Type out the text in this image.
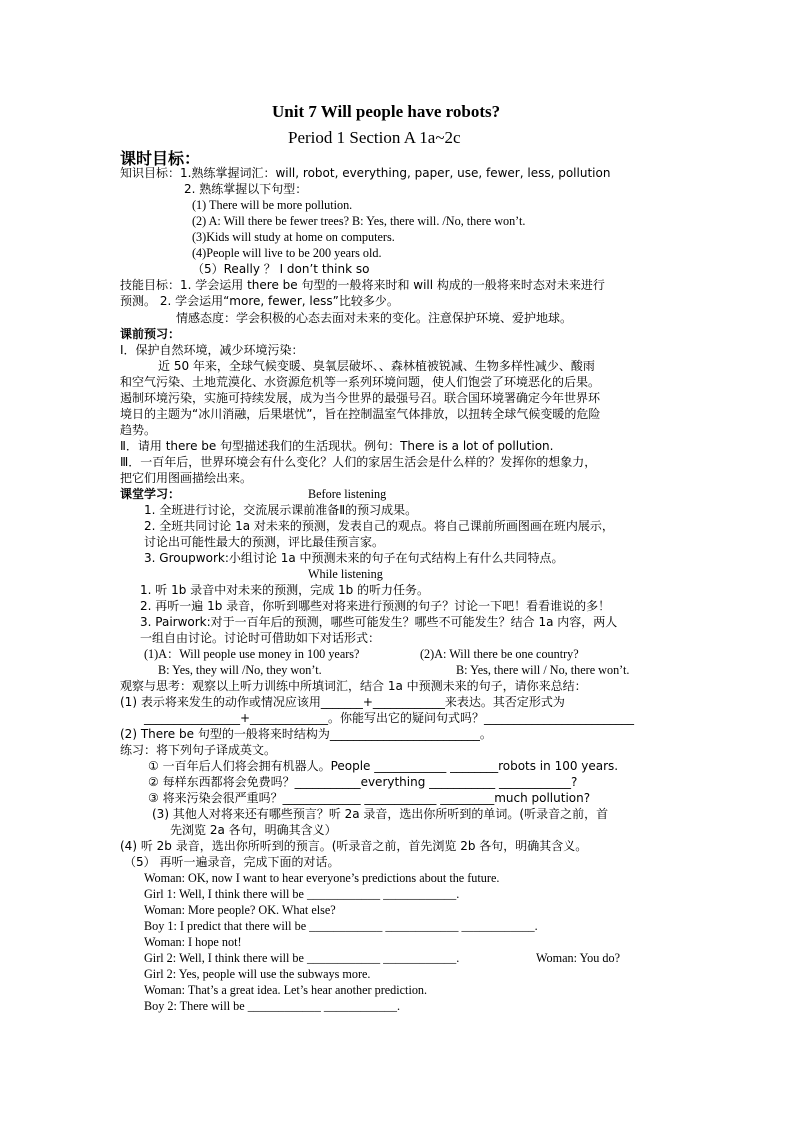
Unit 7 Will people have robots?
Period 1 Section A 1a~2c
课时目标：
知识目标：1.熟练掌握词汇：will, robot, everything, paper, use, fewer, less, pollution
2. 熟练掌握以下句型：
(1) There will be more pollution.
(2) A: Will there be fewer trees? B: Yes, there will. /No, there won’t.
(3)Kids will study at home on computers.
(4)People will live to be 200 years old.
（5）Really ？ I don’t think so
技能目标：1. 学会运用 there be 句型的一般将来时和 will 构成的一般将来时态对未来进行
预测。 2. 学会运用“more, fewer, less”比较多少。
情感态度：学会积极的心态去面对未来的变化。注意保护环境、爱护地球。
课前预习：
Ⅰ．保护自然环境，减少环境污染：
近 50 年来，全球气候变暖、臭氧层破坏、、森林植被锐减、生物多样性减少、酸雨
和空气污染、土地荒漠化、水资源危机等一系列环境问题，使人们饱尝了环境恶化的后果。
遏制环境污染，实施可持续发展，成为当今世界的最强号召。联合国环境署确定今年世界环
境日的主题为“冰川消融，后果堪忧”，旨在控制温室气体排放，以扭转全球气候变暖的危险
趋势。
Ⅱ．请用 there be 句型描述我们的生活现状。例句：There is a lot of pollution.
Ⅲ．一百年后，世界环境会有什么变化？人们的家居生活会是什么样的？发挥你的想象力，
把它们用图画描绘出来。
课堂学习：	Before listening
1. 全班进行讨论，交流展示课前准备Ⅱ的预习成果。
2. 全班共同讨论 1a 对未来的预测，发表自己的观点。将自己课前所画图画在班内展示，
讨论出可能性最大的预测，评比最佳预言家。
3. Groupwork:小组讨论 1a 中预测未来的句子在句式结构上有什么共同特点。
While listening
1. 听 1b 录音中对未来的预测，完成 1b 的听力任务。
2. 再听一遍 1b 录音，你听到哪些对将来进行预测的句子？讨论一下吧！看看谁说的多！
3. Pairwork:对于一百年后的预测，哪些可能发生？哪些不可能发生？结合 1a 内容，两人
一组自由讨论。讨论时可借助如下对话形式：
(1)A：Will people use money in 100 years?	(2)A: Will there be one country?
B: Yes, they will /No, they won’t.	B: Yes, there will / No, there won’t.
观察与思考：观察以上听力训练中所填词汇，结合 1a 中预测未来的句子，请你来总结：
(1) 表示将来发生的动作或情况应该用_______+____________来表达。其否定形式为
________________+_____________。你能写出它的疑问句式吗？_________________________
(2) There be 句型的一般将来时结构为_________________________。
练习：将下列句子译成英文。
① 一百年后人们将会拥有机器人。People ____________ ________robots in 100 years.
② 每样东西都将会免费吗？___________everything ___________ ____________?
③ 将来污染会很严重吗？_____________ ____________ _________much pollution?
(3) 其他人对将来还有哪些预言？听 2a 录音，选出你所听到的单词。(听录音之前，首
先浏览 2a 各句，明确其含义）
(4) 听 2b 录音，选出你所听到的预言。(听录音之前，首先浏览 2b 各句，明确其含义。
（5） 再听一遍录音，完成下面的对话。
Woman: OK, now I want to hear everyone’s predictions about the future.
Girl 1: Well, I think there will be ____________ ____________.
Woman: More people? OK. What else?
Boy 1: I predict that there will be ____________ ____________ ____________.
Woman: I hope not!
Girl 2: Well, I think there will be ____________ ____________.	Woman: You do?
Girl 2: Yes, people will use the subways more.
Woman: That’s a great idea. Let’s hear another prediction.
Boy 2: There will be ____________ ____________.
